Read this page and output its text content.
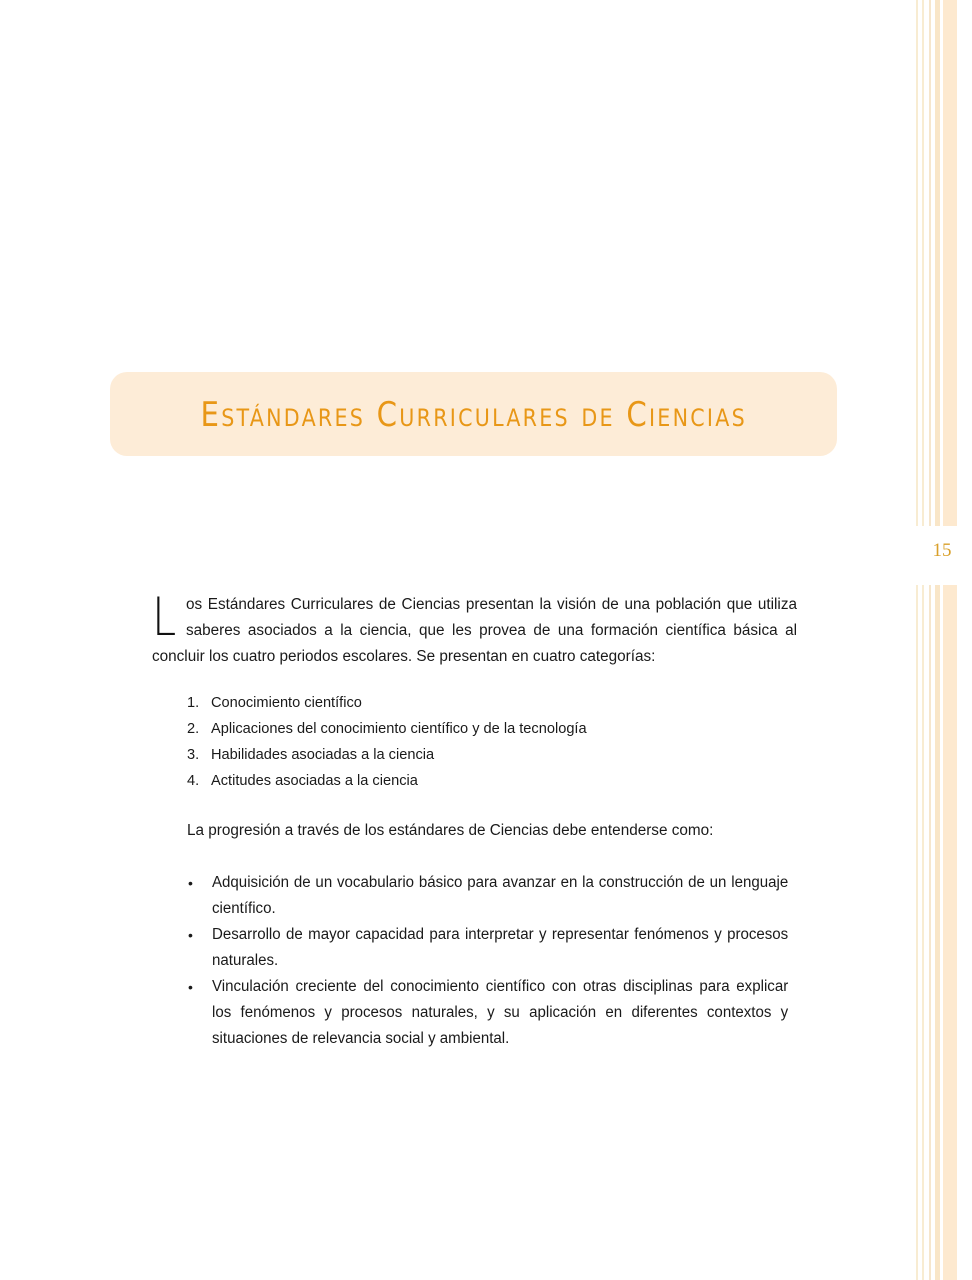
15
Estándares Curriculares de Ciencias

Los Estándares Curriculares de Ciencias presentan la visión de una población que utiliza saberes asociados a la ciencia, que les provea de una formación científica básica al concluir los cuatro periodos escolares. Se presentan en cuatro categorías:

1. Conocimiento científico
2. Aplicaciones del conocimiento científico y de la tecnología
3. Habilidades asociadas a la ciencia
4. Actitudes asociadas a la ciencia

La progresión a través de los estándares de Ciencias debe entenderse como:

•	Adquisición de un vocabulario básico para avanzar en la construcción de un lenguaje científico.
•	Desarrollo de mayor capacidad para interpretar y representar fenómenos y procesos naturales.
•	Vinculación creciente del conocimiento científico con otras disciplinas para explicar los fenómenos y procesos naturales, y su aplicación en diferentes contextos y situaciones de relevancia social y ambiental.
